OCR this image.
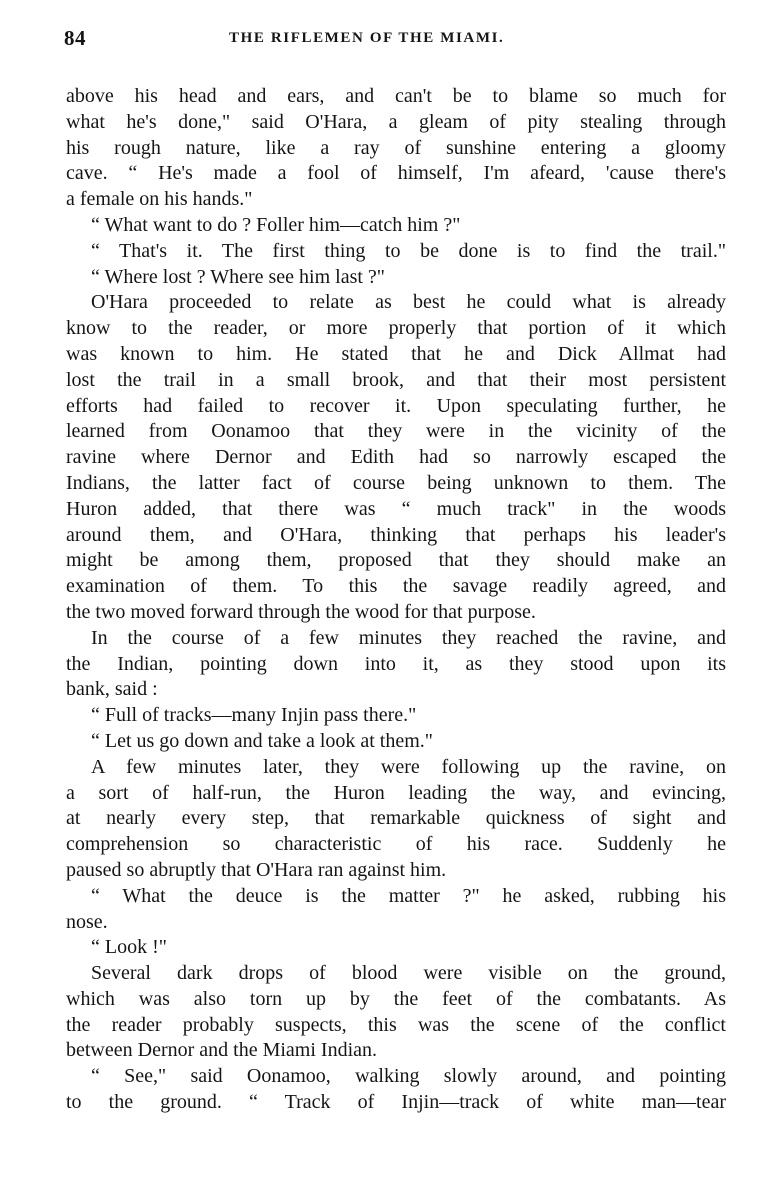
84	THE RIFLEMEN OF THE MIAMI.
above his head and ears, and can't be to blame so much for
what he's done," said O'Hara, a gleam of pity stealing through
his rough nature, like a ray of sunshine entering a gloomy
cave. “ He's made a fool of himself, I'm afeard, 'cause there's
a female on his hands."
“ What want to do ? Foller him—catch him ?"
“ That's it. The first thing to be done is to find the trail."
“ Where lost ? Where see him last ?"
O'Hara proceeded to relate as best he could what is already
know to the reader, or more properly that portion of it which
was known to him. He stated that he and Dick Allmat had
lost the trail in a small brook, and that their most persistent
efforts had failed to recover it. Upon speculating further, he
learned from Oonamoo that they were in the vicinity of the
ravine where Dernor and Edith had so narrowly escaped the
Indians, the latter fact of course being unknown to them. The
Huron added, that there was “ much track" in the woods
around them, and O'Hara, thinking that perhaps his leader's
might be among them, proposed that they should make an
examination of them. To this the savage readily agreed, and
the two moved forward through the wood for that purpose.
In the course of a few minutes they reached the ravine, and
the Indian, pointing down into it, as they stood upon its
bank, said :
“ Full of tracks—many Injin pass there."
“ Let us go down and take a look at them."
A few minutes later, they were following up the ravine, on
a sort of half-run, the Huron leading the way, and evincing,
at nearly every step, that remarkable quickness of sight and
comprehension so characteristic of his race. Suddenly he
paused so abruptly that O'Hara ran against him.
“ What the deuce is the matter ?" he asked, rubbing his
nose.
“ Look !"
Several dark drops of blood were visible on the ground,
which was also torn up by the feet of the combatants. As
the reader probably suspects, this was the scene of the conflict
between Dernor and the Miami Indian.
“ See," said Oonamoo, walking slowly around, and pointing
to the ground. “ Track of Injin—track of white man—tear
